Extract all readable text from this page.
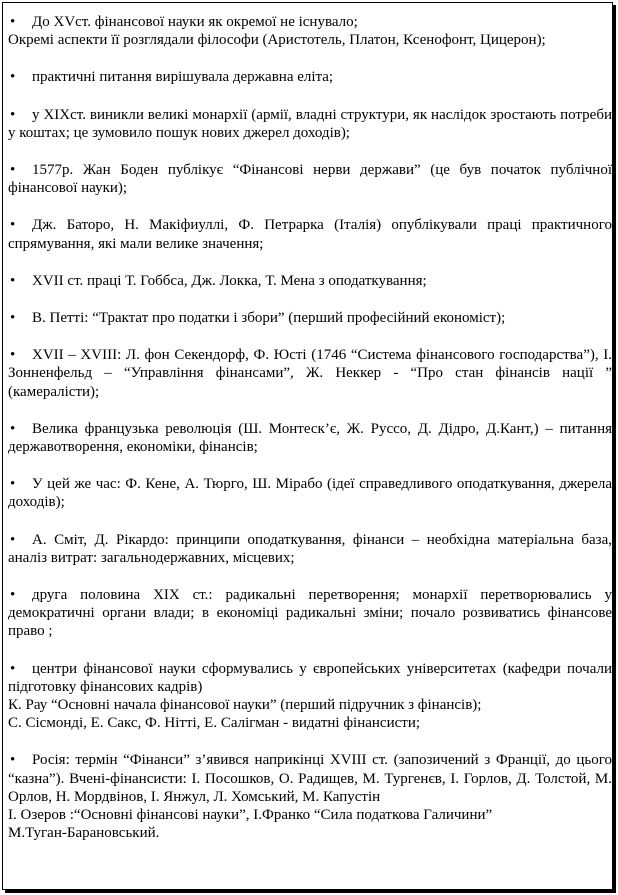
• До XVст. фінансової науки як окремої не існувало;
Окремі аспекти її розглядали філософи (Аристотель, Платон, Ксенофонт, Цицерон);

• практичні питання вирішувала державна еліта;

• у ХІХст. виникли великі монархії (армії, владні структури, як наслідок зростають потреби у коштах; це зумовило пошук нових джерел доходів);

• 1577р. Жан Боден публікує “Фінансові нерви держави” (це був початок публічної фінансової науки);

• Дж. Баторо, Н. Макіфиуллі, Ф. Петрарка (Італія) опублікували праці практичного спрямування, які мали велике значення;

• XVII ст. праці Т. Гоббса, Дж. Локка, Т. Мена з оподаткування;

• В. Петті: “Трактат про податки і збори” (перший професійний економіст);

• XVII – XVIII: Л. фон Секендорф, Ф. Юсті (1746 “Система фінансового господарства”), І. Зонненфельд – “Управління фінансами”, Ж. Неккер - “Про стан фінансів нації ” (камералісти);

• Велика французька революція (Ш. Монтеск’є, Ж. Руссо, Д. Дідро, Д.Кант,) – питання державотворення, економіки, фінансів;

• У цей же час: Ф. Кене, А. Тюрго, Ш. Мірабо (ідеї справедливого оподаткування, джерела доходів);

• А. Сміт, Д. Рікардо: принципи оподаткування, фінанси – необхідна матеріальна база, аналіз витрат: загальнодержавних, місцевих;

• друга половина ХІХ ст.: радикальні перетворення; монархії перетворювались у демократичні органи влади; в економіці радикальні зміни; почало розвиватись фінансове право ;

• центри фінансової науки сформувались у європейських університетах (кафедри почали підготовку фінансових кадрів)
К. Рау “Основні начала фінансової науки” (перший підручник з фінансів);
С. Сісмонді, Е. Сакс, Ф. Нітті, Е. Салігман - видатні фінансисти;

• Росія: термін “Фінанси” з’явився наприкінці XVIII ст. (запозичений з Франції, до цього “казна”). Вчені-фінансисти: І. Посошков, О. Радищев, М. Тургенєв, І. Горлов, Д. Толстой, М. Орлов, Н. Мордвінов, І. Янжул, Л. Хомський, М. Капустін
І. Озеров :“Основні фінансові науки”, І.Франко “Сила податкова Галичини”
М.Туган-Барановський.
